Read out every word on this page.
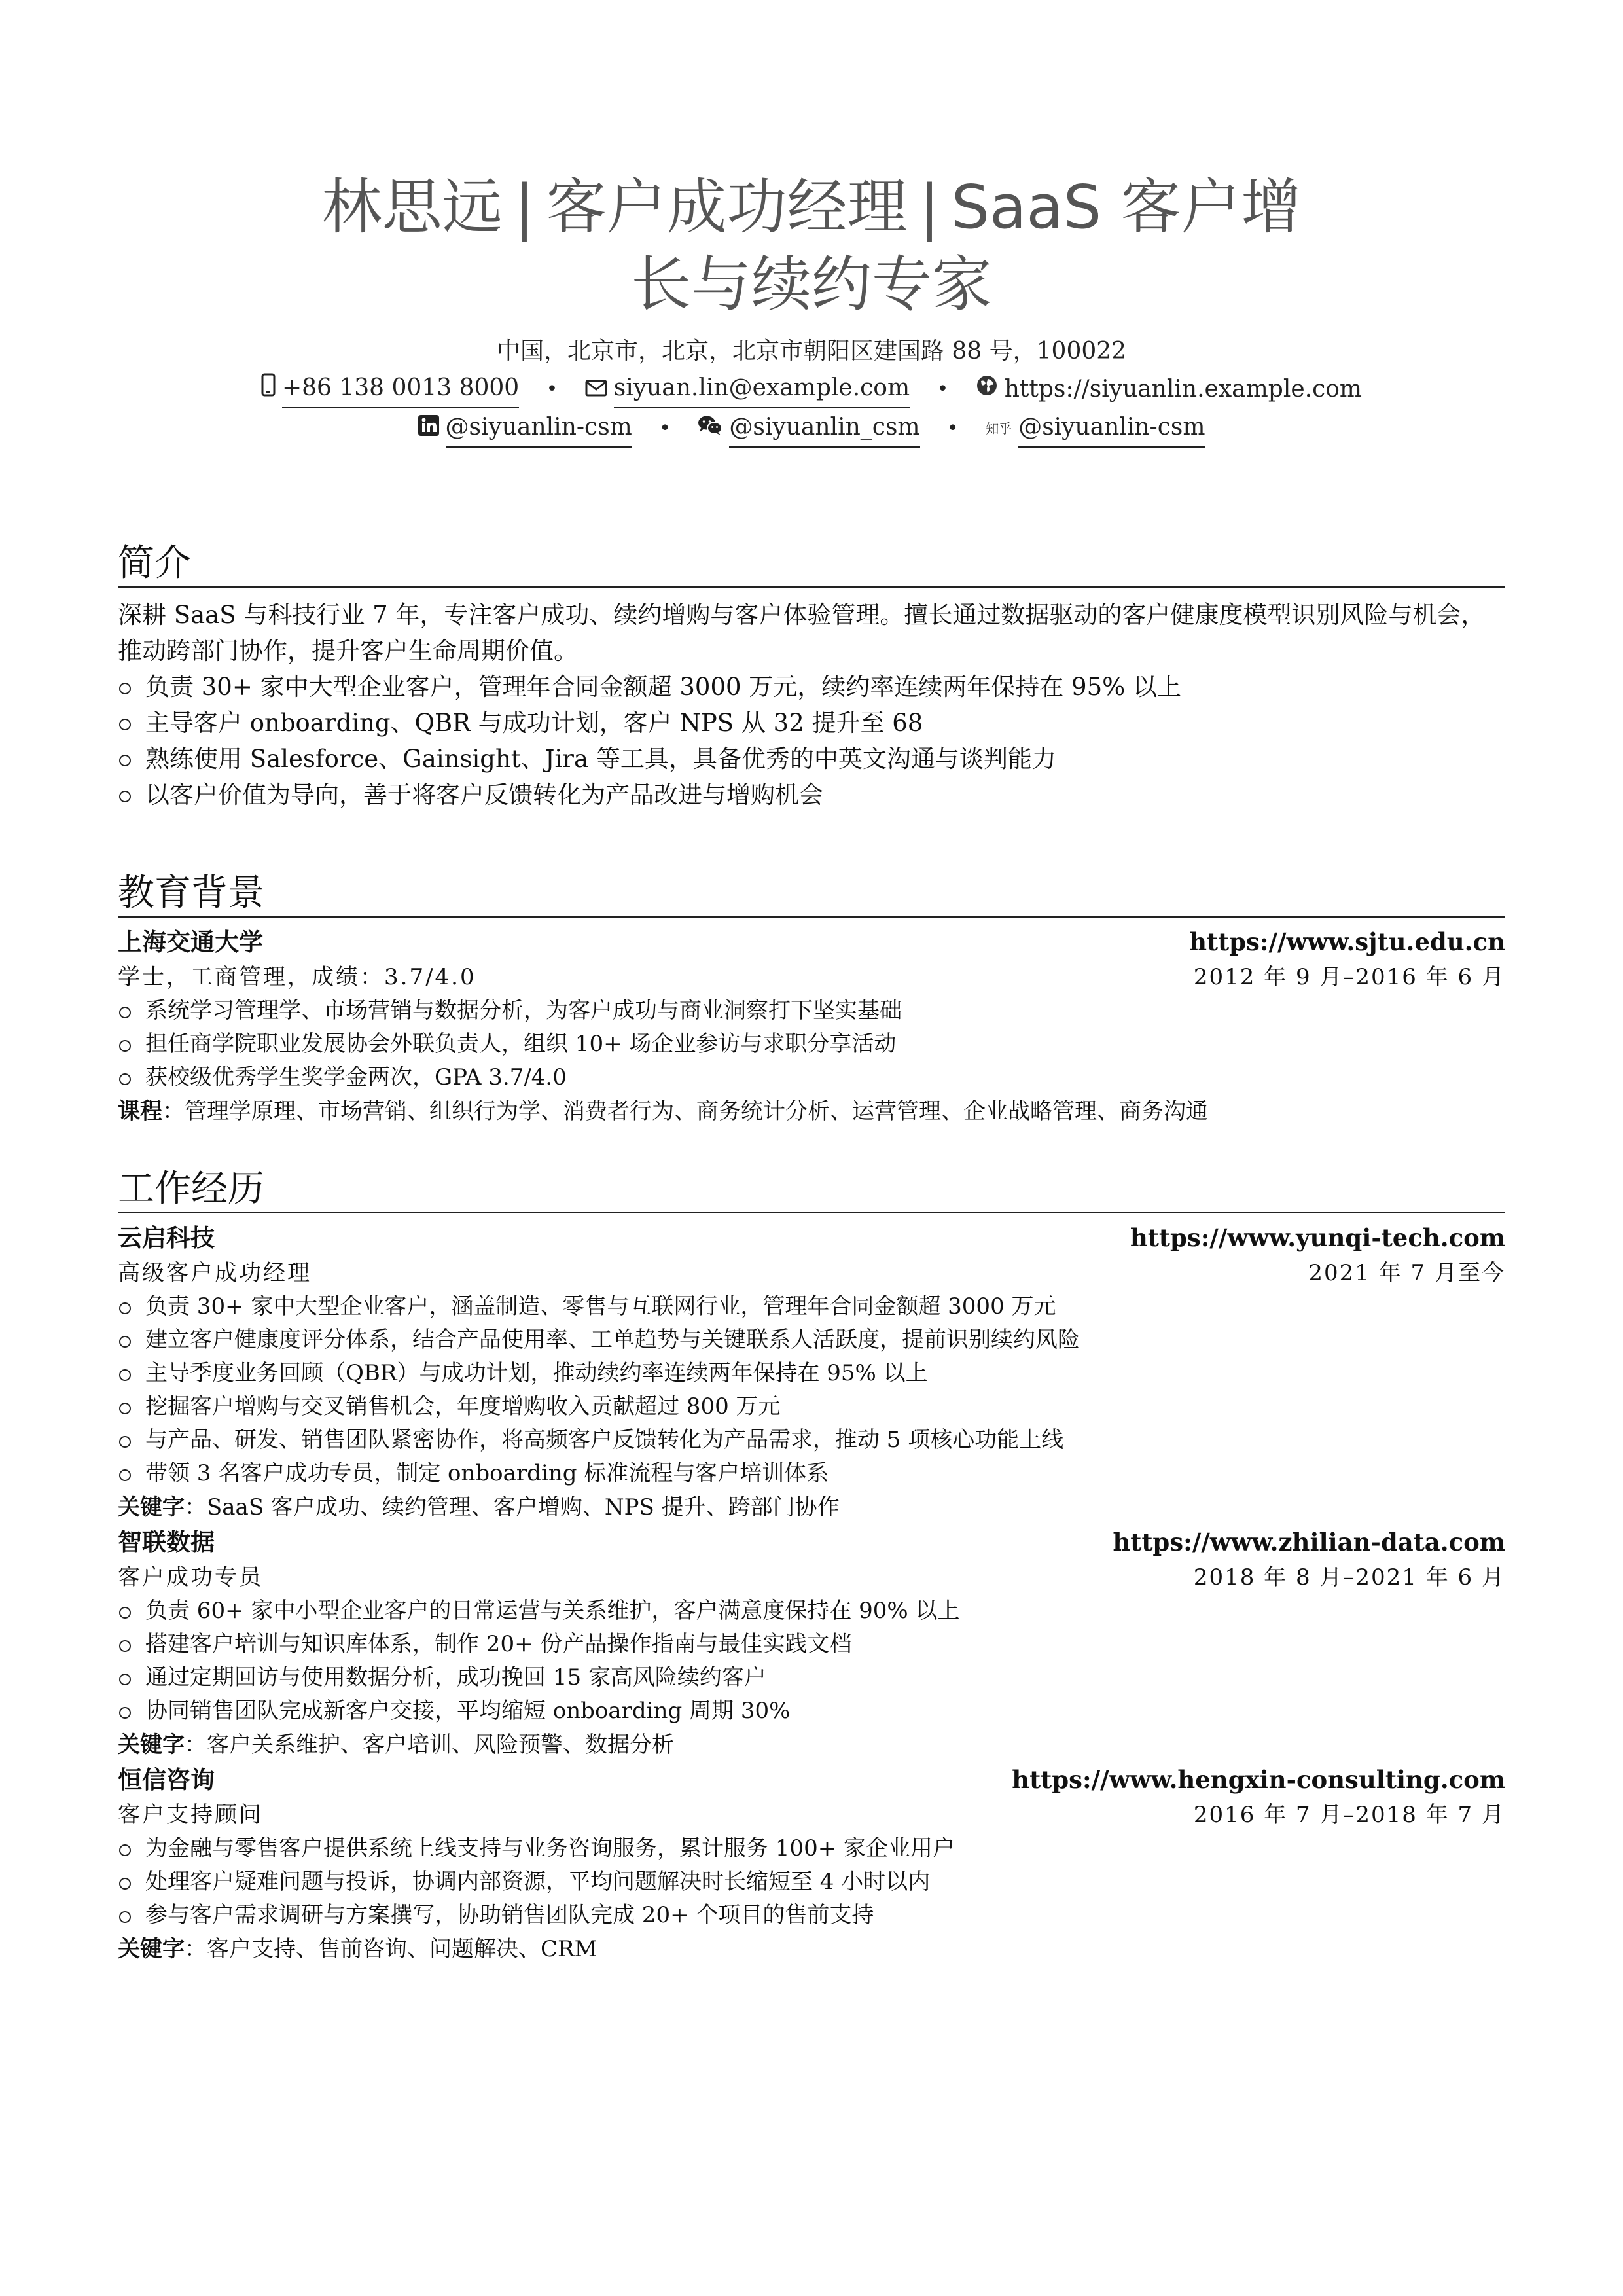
林思远 | 客户成功经理 | SaaS 客户增
长与续约专家
中国，北京市，北京，北京市朝阳区建国路 88 号，100022
+86 138 0013 8000 • siyuan.lin@example.com • https://siyuanlin.example.com
@siyuanlin-csm • @siyuanlin_csm • 知乎 @siyuanlin-csm
简介

深耕 SaaS 与科技行业 7 年，专注客户成功、续约增购与客户体验管理。擅长通过数据驱动的客户健康度模型识别风险与机会，推动跨部门协作，提升客户生命周期价值。

负责 30+ 家中大型企业客户，管理年合同金额超 3000 万元，续约率连续两年保持在 95% 以上
主导客户 onboarding、QBR 与成功计划，客户 NPS 从 32 提升至 68
熟练使用 Salesforce、Gainsight、Jira 等工具，具备优秀的中英文沟通与谈判能力
以客户价值为导向，善于将客户反馈转化为产品改进与增购机会
教育背景
上海交通大学	https://www.sjtu.edu.cn
学士，工商管理，成绩：3.7/4.0	2012 年 9 月–2016 年 6 月
系统学习管理学、市场营销与数据分析，为客户成功与商业洞察打下坚实基础
担任商学院职业发展协会外联负责人，组织 10+ 场企业参访与求职分享活动
获校级优秀学生奖学金两次，GPA 3.7/4.0
课程：管理学原理、市场营销、组织行为学、消费者行为、商务统计分析、运营管理、企业战略管理、商务沟通
工作经历
云启科技	https://www.yunqi-tech.com
高级客户成功经理	2021 年 7 月至今
负责 30+ 家中大型企业客户，涵盖制造、零售与互联网行业，管理年合同金额超 3000 万元
建立客户健康度评分体系，结合产品使用率、工单趋势与关键联系人活跃度，提前识别续约风险
主导季度业务回顾（QBR）与成功计划，推动续约率连续两年保持在 95% 以上
挖掘客户增购与交叉销售机会，年度增购收入贡献超过 800 万元
与产品、研发、销售团队紧密协作，将高频客户反馈转化为产品需求，推动 5 项核心功能上线
带领 3 名客户成功专员，制定 onboarding 标准流程与客户培训体系
关键字：SaaS 客户成功、续约管理、客户增购、NPS 提升、跨部门协作
智联数据	https://www.zhilian-data.com
客户成功专员	2018 年 8 月–2021 年 6 月
负责 60+ 家中小型企业客户的日常运营与关系维护，客户满意度保持在 90% 以上
搭建客户培训与知识库体系，制作 20+ 份产品操作指南与最佳实践文档
通过定期回访与使用数据分析，成功挽回 15 家高风险续约客户
协同销售团队完成新客户交接，平均缩短 onboarding 周期 30%
关键字：客户关系维护、客户培训、风险预警、数据分析
恒信咨询	https://www.hengxin-consulting.com
客户支持顾问	2016 年 7 月–2018 年 7 月
为金融与零售客户提供系统上线支持与业务咨询服务，累计服务 100+ 家企业用户
处理客户疑难问题与投诉，协调内部资源，平均问题解决时长缩短至 4 小时以内
参与客户需求调研与方案撰写，协助销售团队完成 20+ 个项目的售前支持
关键字：客户支持、售前咨询、问题解决、CRM
